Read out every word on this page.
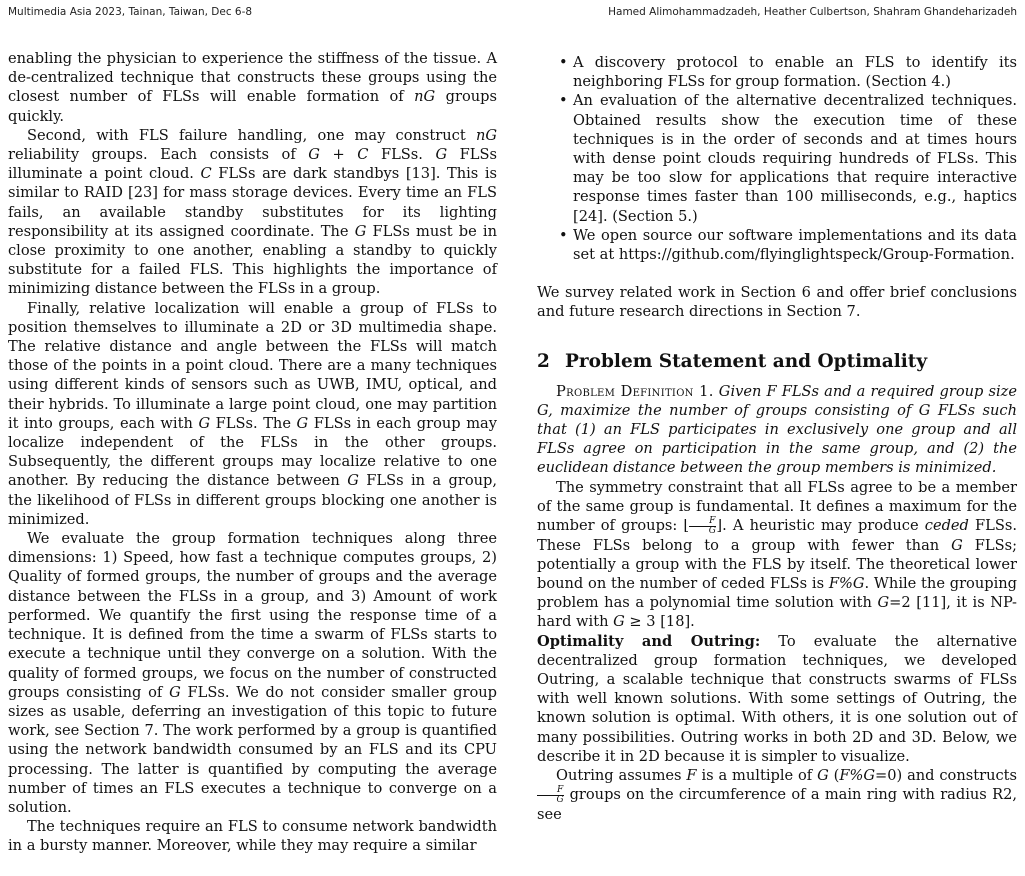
Multimedia Asia 2023, Tainan, Taiwan, Dec 6-8	Hamed Alimohammadzadeh, Heather Culbertson, Shahram Ghandeharizadeh

enabling the physician to experience the stiffness of the tissue. A de-centralized technique that constructs these groups using the closest number of FLSs will enable formation of nG groups quickly.

Second, with FLS failure handling, one may construct nG reliability groups. Each consists of G + C FLSs. G FLSs illuminate a point cloud. C FLSs are dark standbys [13]. This is similar to RAID [23] for mass storage devices. Every time an FLS fails, an available standby substitutes for its lighting responsibility at its assigned coordinate. The G FLSs must be in close proximity to one another, enabling a standby to quickly substitute for a failed FLS. This highlights the importance of minimizing distance between the FLSs in a group.

Finally, relative localization will enable a group of FLSs to position themselves to illuminate a 2D or 3D multimedia shape. The relative distance and angle between the FLSs will match those of the points in a point cloud. There are a many techniques using different kinds of sensors such as UWB, IMU, optical, and their hybrids. To illuminate a large point cloud, one may partition it into groups, each with G FLSs. The G FLSs in each group may localize independent of the FLSs in the other groups. Subsequently, the different groups may localize relative to one another. By reducing the distance between G FLSs in a group, the likelihood of FLSs in different groups blocking one another is minimized.

We evaluate the group formation techniques along three dimensions: 1) Speed, how fast a technique computes groups, 2) Quality of formed groups, the number of groups and the average distance between the FLSs in a group, and 3) Amount of work performed. We quantify the first using the response time of a technique. It is defined from the time a swarm of FLSs starts to execute a technique until they converge on a solution. With the quality of formed groups, we focus on the number of constructed groups consisting of G FLSs. We do not consider smaller group sizes as usable, deferring an investigation of this topic to future work, see Section 7. The work performed by a group is quantified using the network bandwidth consumed by an FLS and its CPU processing. The latter is quantified by computing the average number of times an FLS executes a technique to converge on a solution.

The techniques require an FLS to consume network bandwidth in a bursty manner. Moreover, while they may require a similar

• A discovery protocol to enable an FLS to identify its neighboring FLSs for group formation. (Section 4.)
• An evaluation of the alternative decentralized techniques. Obtained results show the execution time of these techniques is in the order of seconds and at times hours with dense point clouds requiring hundreds of FLSs. This may be too slow for applications that require interactive response times faster than 100 milliseconds, e.g., haptics [24]. (Section 5.)
• We open source our software implementations and its data set at https://github.com/flyinglightspeck/Group-Formation.

We survey related work in Section 6 and offer brief conclusions and future research directions in Section 7.

2 Problem Statement and Optimality

Problem Definition 1. Given F FLSs and a required group size G, maximize the number of groups consisting of G FLSs such that (1) an FLS participates in exclusively one group and all FLSs agree on participation in the same group, and (2) the euclidean distance between the group members is minimized.

The symmetry constraint that all FLSs agree to be a member of the same group is fundamental. It defines a maximum for the number of groups: ⌊ $\frac{F}{G}$ ⌋. A heuristic may produce ceded FLSs. These FLSs belong to a group with fewer than G FLSs; potentially a group with the FLS by itself. The theoretical lower bound on the number of ceded FLSs is F%G. While the grouping problem has a polynomial time solution with G=2 [11], it is NP-hard with G ≥ 3 [18].

Optimality and Outring: To evaluate the alternative decentralized group formation techniques, we developed Outring, a scalable technique that constructs swarms of FLSs with well known solutions. With some settings of Outring, the known solution is optimal. With others, it is one solution out of many possibilities. Outring works in both 2D and 3D. Below, we describe it in 2D because it is simpler to visualize.

Outring assumes F is a multiple of G (F%G=0) and constructs
$\frac{F}{G}$ groups on the circumference of a main ring with radius R2, see
